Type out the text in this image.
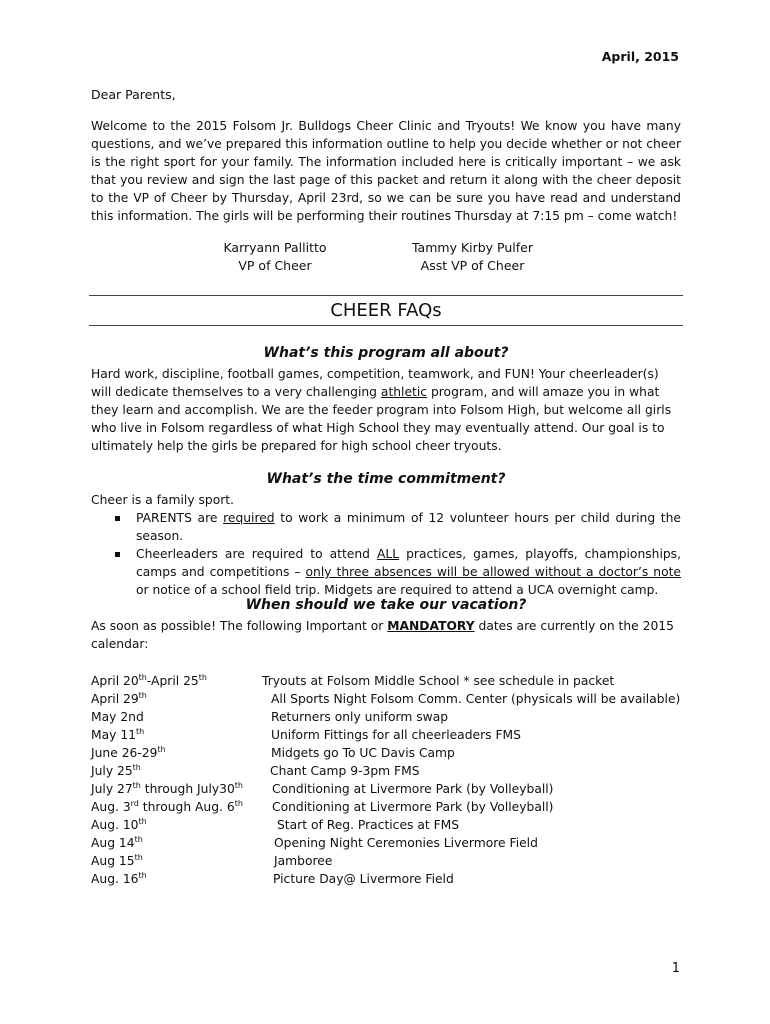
April, 2015
Dear Parents,
Welcome to the 2015 Folsom Jr. Bulldogs Cheer Clinic and Tryouts! We know you have many questions, and we’ve prepared this information outline to help you decide whether or not cheer is the right sport for your family. The information included here is critically important – we ask that you review and sign the last page of this packet and return it along with the cheer deposit to the VP of Cheer by Thursday, April 23rd, so we can be sure you have read and understand this information. The girls will be performing their routines Thursday at 7:15 pm – come watch!
Karryann Pallitto
VP of Cheer
Tammy Kirby Pulfer
Asst VP of Cheer
CHEER FAQs
What’s this program all about?
Hard work, discipline, football games, competition, teamwork, and FUN! Your cheerleader(s) will dedicate themselves to a very challenging athletic program, and will amaze you in what they learn and accomplish. We are the feeder program into Folsom High, but welcome all girls who live in Folsom regardless of what High School they may eventually attend. Our goal is to ultimately help the girls be prepared for high school cheer tryouts.
What’s the time commitment?
Cheer is a family sport.
PARENTS are required to work a minimum of 12 volunteer hours per child during the season.
Cheerleaders are required to attend ALL practices, games, playoffs, championships, camps and competitions – only three absences will be allowed without a doctor’s note or notice of a school field trip. Midgets are required to attend a UCA overnight camp.
When should we take our vacation?
As soon as possible! The following Important or MANDATORY dates are currently on the 2015 calendar:
April 20th-April 25th	Tryouts at Folsom Middle School * see schedule in packet
April 29th	All Sports Night Folsom Comm. Center (physicals will be available)
May 2nd	Returners only uniform swap
May 11th	Uniform Fittings for all cheerleaders FMS
June 26-29th	Midgets go To UC Davis Camp
July 25th	Chant Camp 9-3pm FMS
July 27th through July30th Conditioning at Livermore Park (by Volleyball)
Aug. 3rd through Aug. 6th Conditioning at Livermore Park (by Volleyball)
Aug. 10th	Start of Reg. Practices at FMS
Aug 14th	Opening Night Ceremonies Livermore Field
Aug 15th	Jamboree
Aug. 16th	Picture Day@ Livermore Field
1
